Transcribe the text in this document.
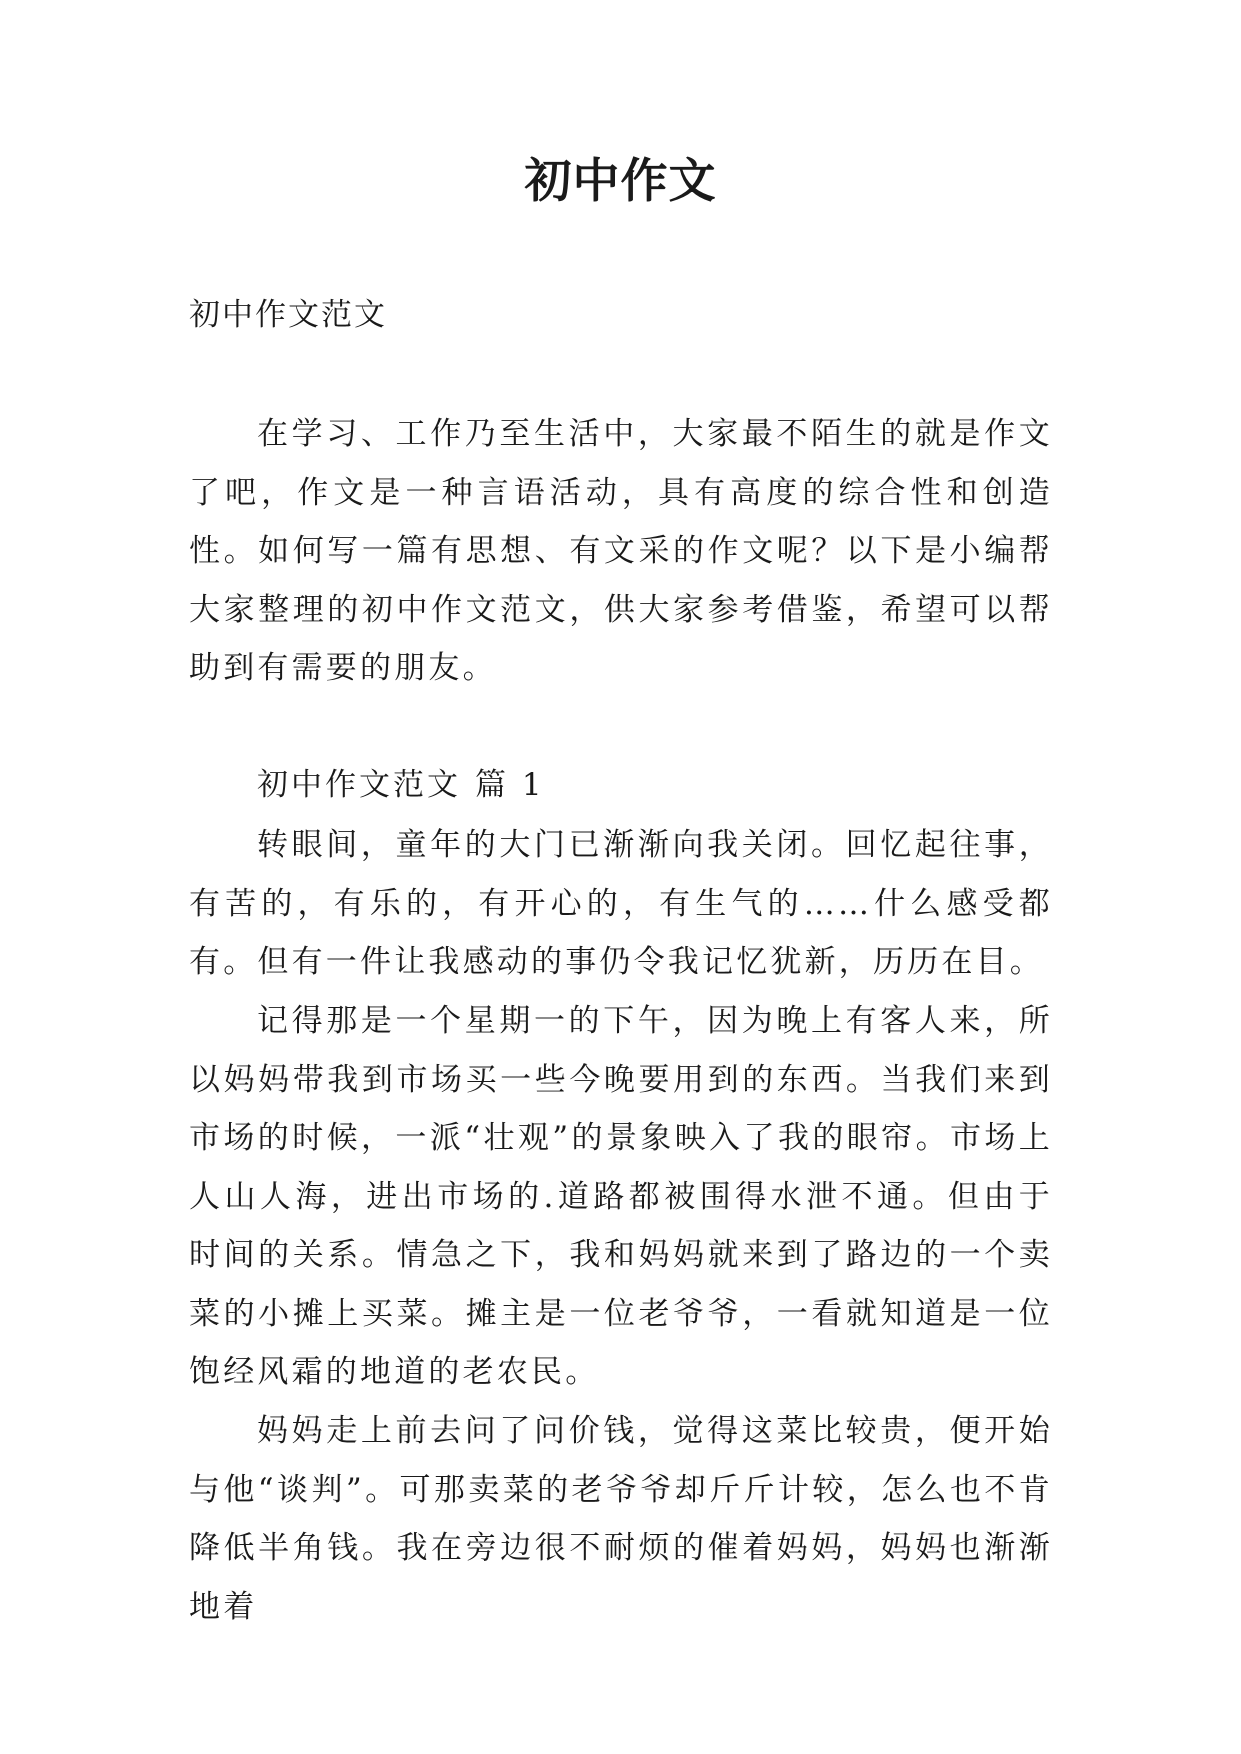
初中作文

初中作文范文

在学习、工作乃至生活中，大家最不陌生的就是作文了吧，作文是一种言语活动，具有高度的综合性和创造性。如何写一篇有思想、有文采的作文呢？以下是小编帮大家整理的初中作文范文，供大家参考借鉴，希望可以帮助到有需要的朋友。

初中作文范文 篇 1

转眼间，童年的大门已渐渐向我关闭。回忆起往事，有苦的，有乐的，有开心的，有生气的……什么感受都有。但有一件让我感动的事仍令我记忆犹新，历历在目。

记得那是一个星期一的下午，因为晚上有客人来，所以妈妈带我到市场买一些今晚要用到的东西。当我们来到市场的时候，一派“壮观”的景象映入了我的眼帘。市场上人山人海，进出市场的.道路都被围得水泄不通。但由于时间的关系。情急之下，我和妈妈就来到了路边的一个卖菜的小摊上买菜。摊主是一位老爷爷，一看就知道是一位饱经风霜的地道的老农民。

妈妈走上前去问了问价钱，觉得这菜比较贵，便开始与他“谈判”。可那卖菜的老爷爷却斤斤计较，怎么也不肯降低半角钱。我在旁边很不耐烦的催着妈妈，妈妈也渐渐地着
